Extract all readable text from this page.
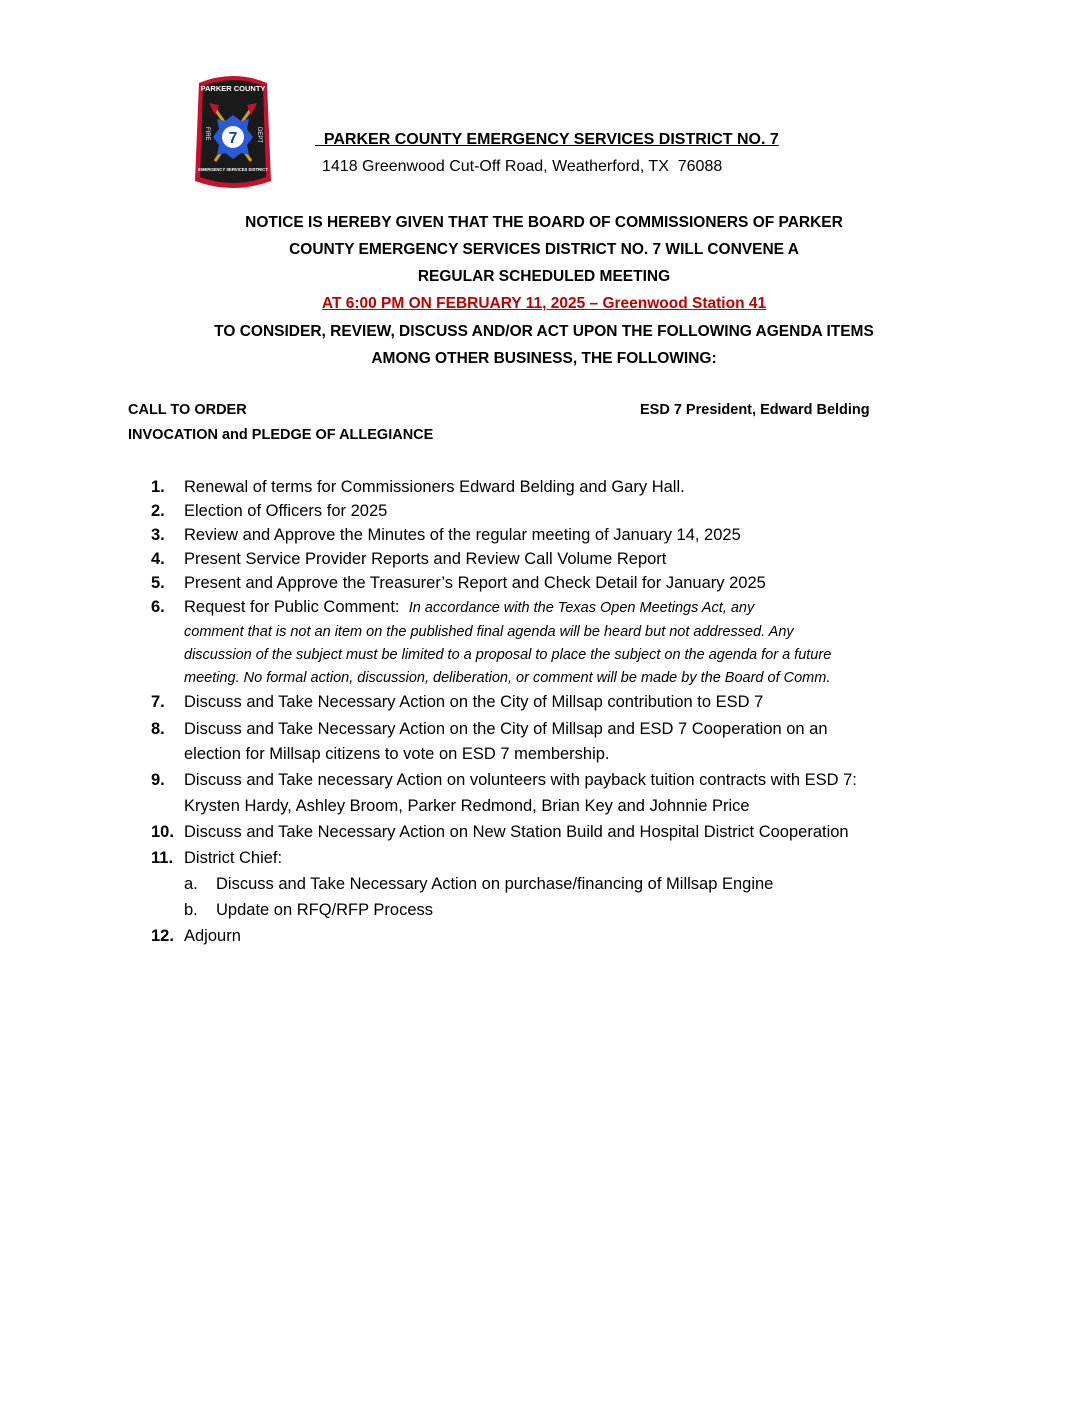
PARKER COUNTY
7
FIRE	DEPT
EMERGENCY SERVICES DISTRICT
PARKER COUNTY EMERGENCY SERVICES DISTRICT NO. 7
1418 Greenwood Cut-Off Road, Weatherford, TX  76088
NOTICE IS HEREBY GIVEN THAT THE BOARD OF COMMISSIONERS OF PARKER
COUNTY EMERGENCY SERVICES DISTRICT NO. 7 WILL CONVENE A
REGULAR SCHEDULED MEETING
AT 6:00 PM ON FEBRUARY 11, 2025 – Greenwood Station 41
TO CONSIDER, REVIEW, DISCUSS AND/OR ACT UPON THE FOLLOWING AGENDA ITEMS
AMONG OTHER BUSINESS, THE FOLLOWING:
CALL TO ORDER	ESD 7 President, Edward Belding
INVOCATION and PLEDGE OF ALLEGIANCE
1. Renewal of terms for Commissioners Edward Belding and Gary Hall.
2. Election of Officers for 2025
3. Review and Approve the Minutes of the regular meeting of January 14, 2025
4. Present Service Provider Reports and Review Call Volume Report
5. Present and Approve the Treasurer’s Report and Check Detail for January 2025
6. Request for Public Comment: In accordance with the Texas Open Meetings Act, any
comment that is not an item on the published final agenda will be heard but not addressed. Any
discussion of the subject must be limited to a proposal to place the subject on the agenda for a future
meeting. No formal action, discussion, deliberation, or comment will be made by the Board of Comm.
7. Discuss and Take Necessary Action on the City of Millsap contribution to ESD 7
8. Discuss and Take Necessary Action on the City of Millsap and ESD 7 Cooperation on an
election for Millsap citizens to vote on ESD 7 membership.
9. Discuss and Take necessary Action on volunteers with payback tuition contracts with ESD 7:
Krysten Hardy, Ashley Broom, Parker Redmond, Brian Key and Johnnie Price
10. Discuss and Take Necessary Action on New Station Build and Hospital District Cooperation
11. District Chief:
a. Discuss and Take Necessary Action on purchase/financing of Millsap Engine
b. Update on RFQ/RFP Process
12. Adjourn
